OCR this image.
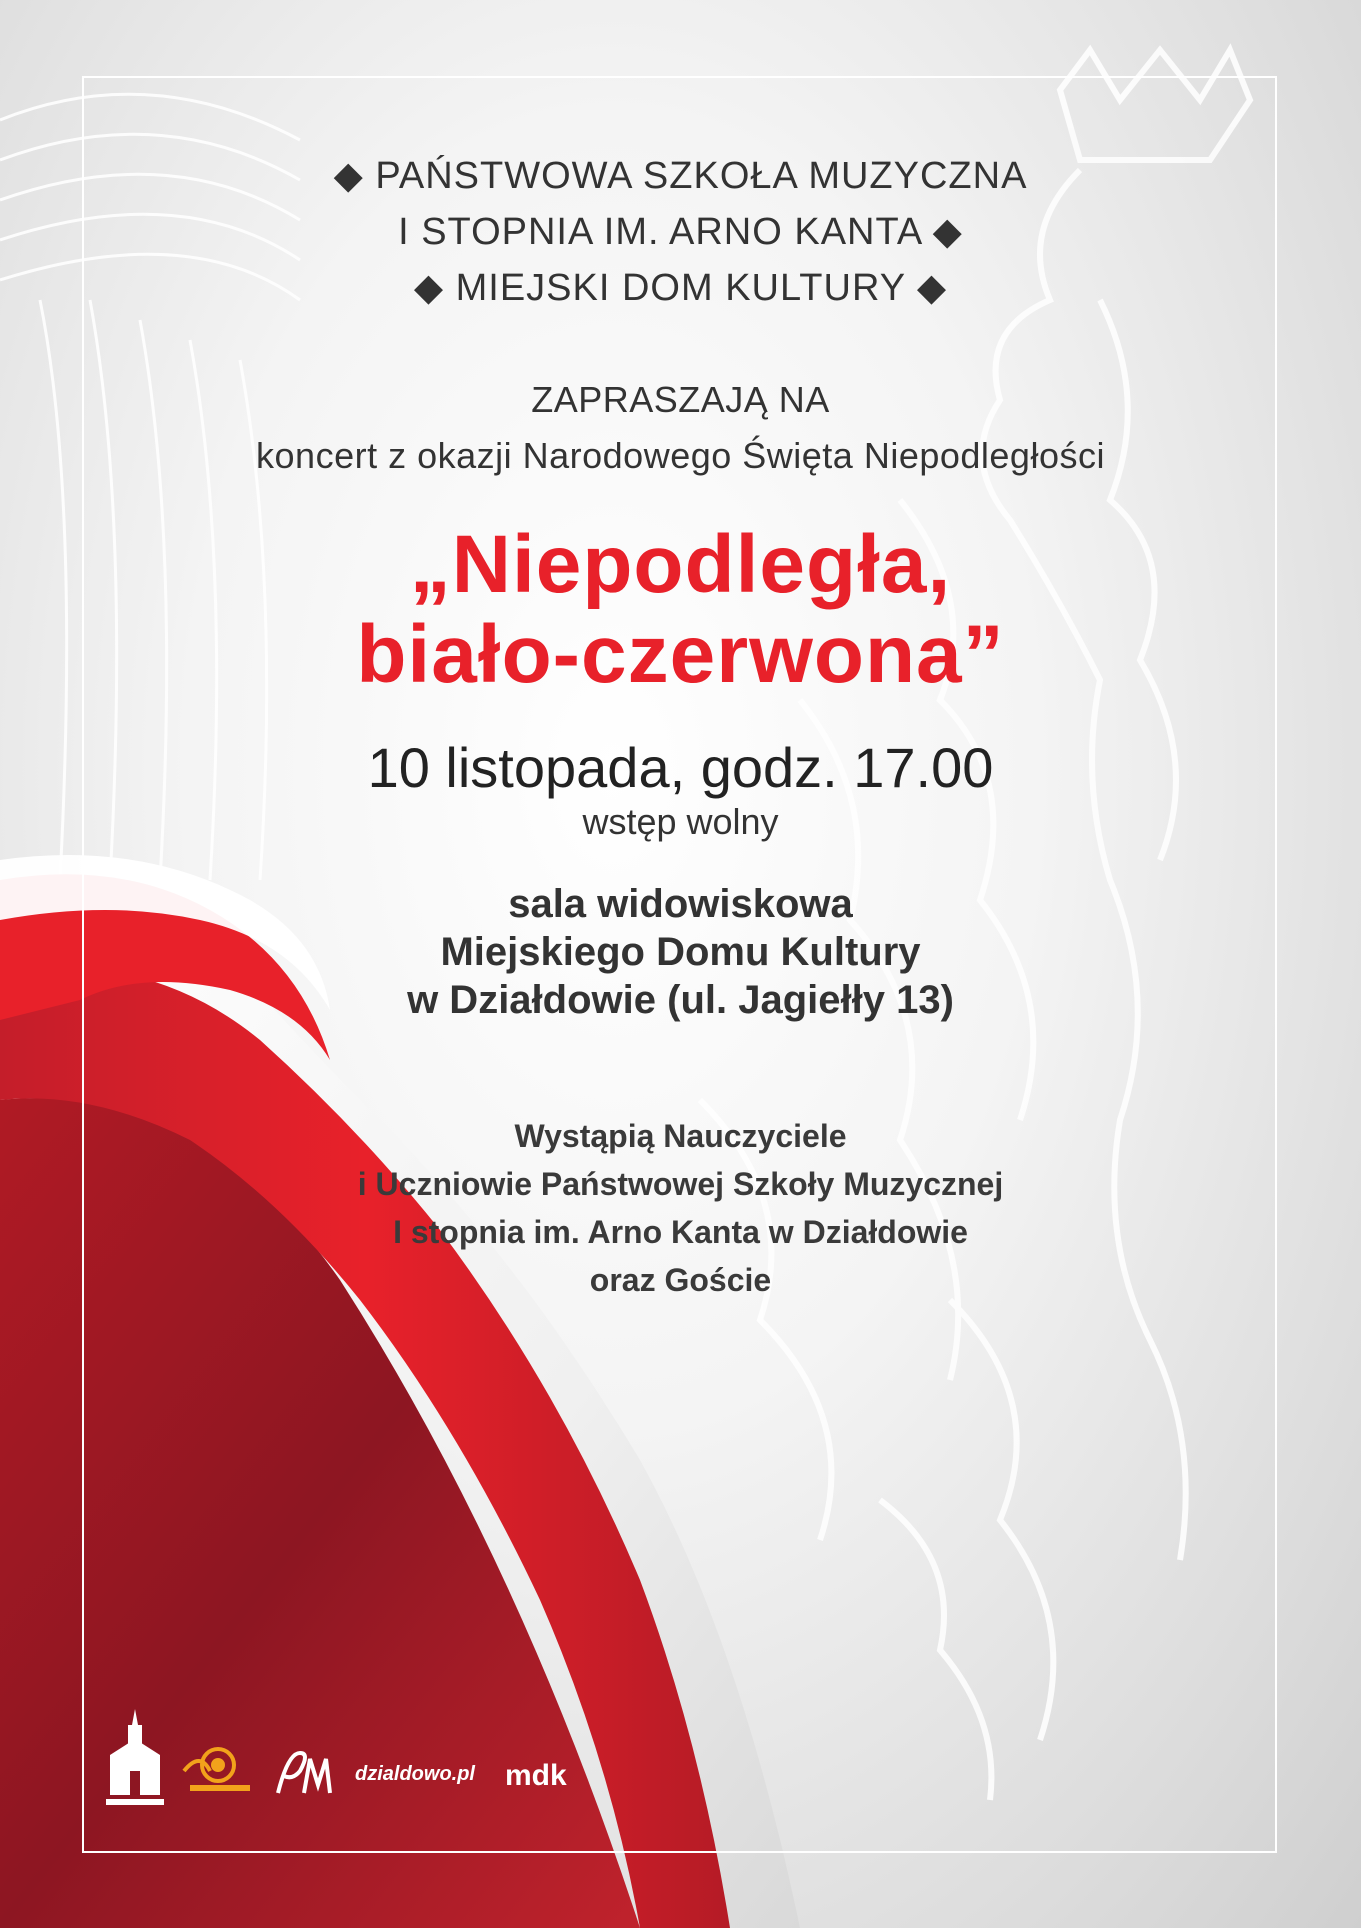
◆ PAŃSTWOWA SZKOŁA MUZYCZNA
I STOPNIA IM. ARNO KANTA ◆
◆ MIEJSKI DOM KULTURY ◆
ZAPRASZAJĄ NA
koncert z okazji Narodowego Święta Niepodległości
„Niepodległa,
biało-czerwona”
10 listopada, godz. 17.00
wstęp wolny
sala widowiskowa
Miejskiego Domu Kultury
w Działdowie (ul. Jagiełły 13)
Wystąpią Nauczyciele
i Uczniowie Państwowej Szkoły Muzycznej
I stopnia im. Arno Kanta w Działdowie
oraz Goście
dzialdowo.pl mdk
